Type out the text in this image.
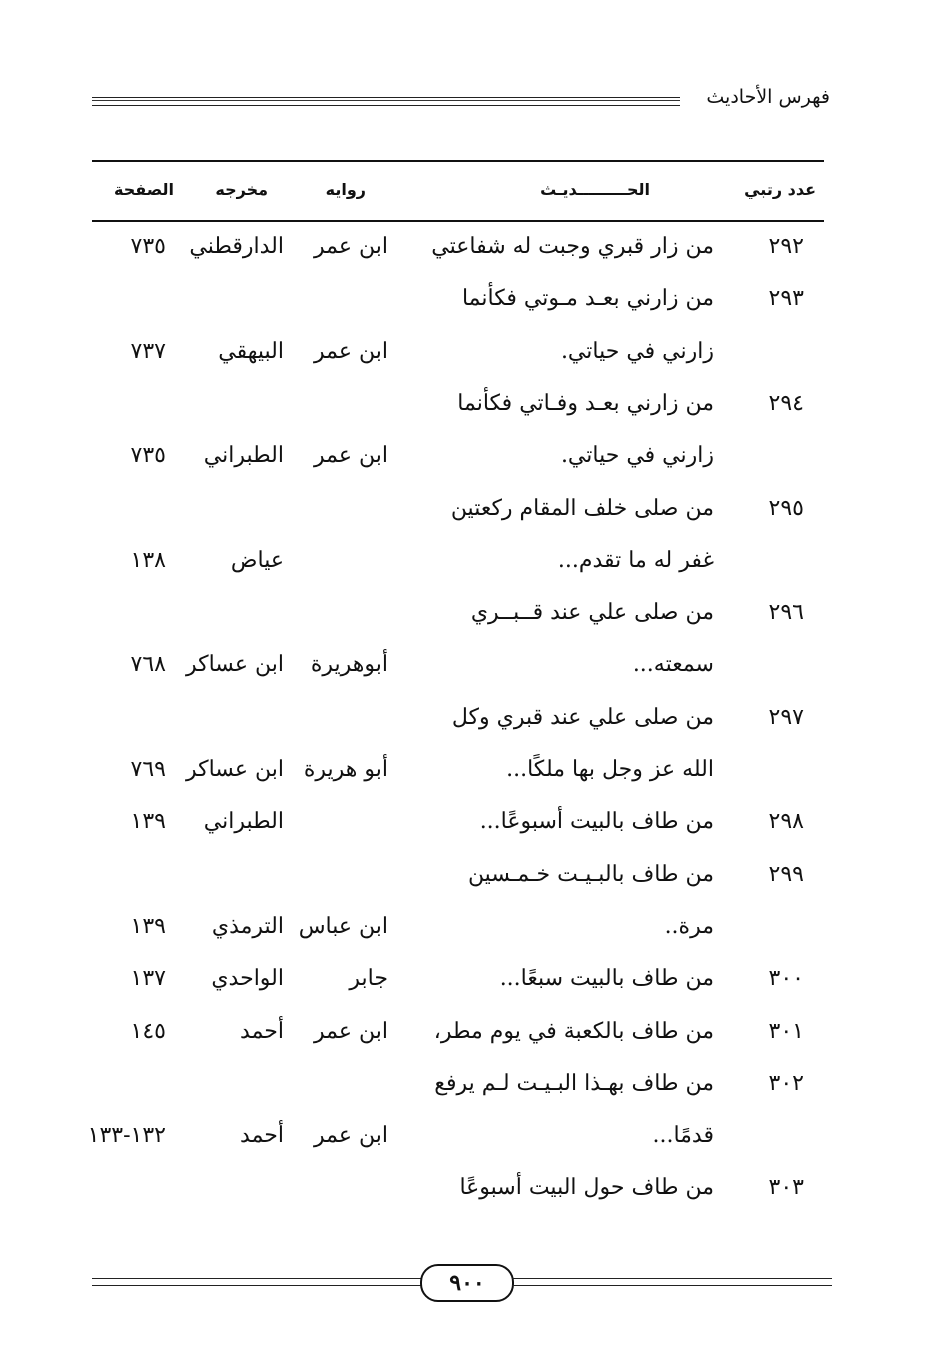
فهرس الأحاديث
عدد رتبي
الحـــــــــديـث
روايه
مخرجه
الصفحة
٢٩٢
من زار قبري وجبت له شفاعتي
ابن عمر
الدارقطني
٧٣٥
٢٩٣
من زارني بعـد مـوتي فكأنما
زارني في حياتي.
ابن عمر
البيهقي
٧٣٧
٢٩٤
من زارني بعـد وفـاتي فكأنما
زارني في حياتي.
ابن عمر
الطبراني
٧٣٥
٢٩٥
من صلى خلف المقام ركعتين
غفر له ما تقدم...
عياض
١٣٨
٢٩٦
من صلى علي عند قــبــري
سمعته...
أبوهريرة
ابن عساكر
٧٦٨
٢٩٧
من صلى علي عند قبري وكل
الله عز وجل بها ملكًا...
أبو هريرة
ابن عساكر
٧٦٩
٢٩٨
من طاف بالبيت أسبوعًا...
الطبراني
١٣٩
٢٩٩
من طاف بالبـيـت خـمـسين
مرة..
ابن عباس
الترمذي
١٣٩
٣٠٠
من طاف بالبيت سبعًا...
جابر
الواحدي
١٣٧
٣٠١
من طاف بالكعبة في يوم مطر،
ابن عمر
أحمد
١٤٥
٣٠٢
من طاف بهـذا البـيـت لـم يرفع
قدمًا...
ابن عمر
أحمد
١٣٢-١٣٣
٣٠٣
من طاف حول البيت أسبوعًا
٩٠٠
